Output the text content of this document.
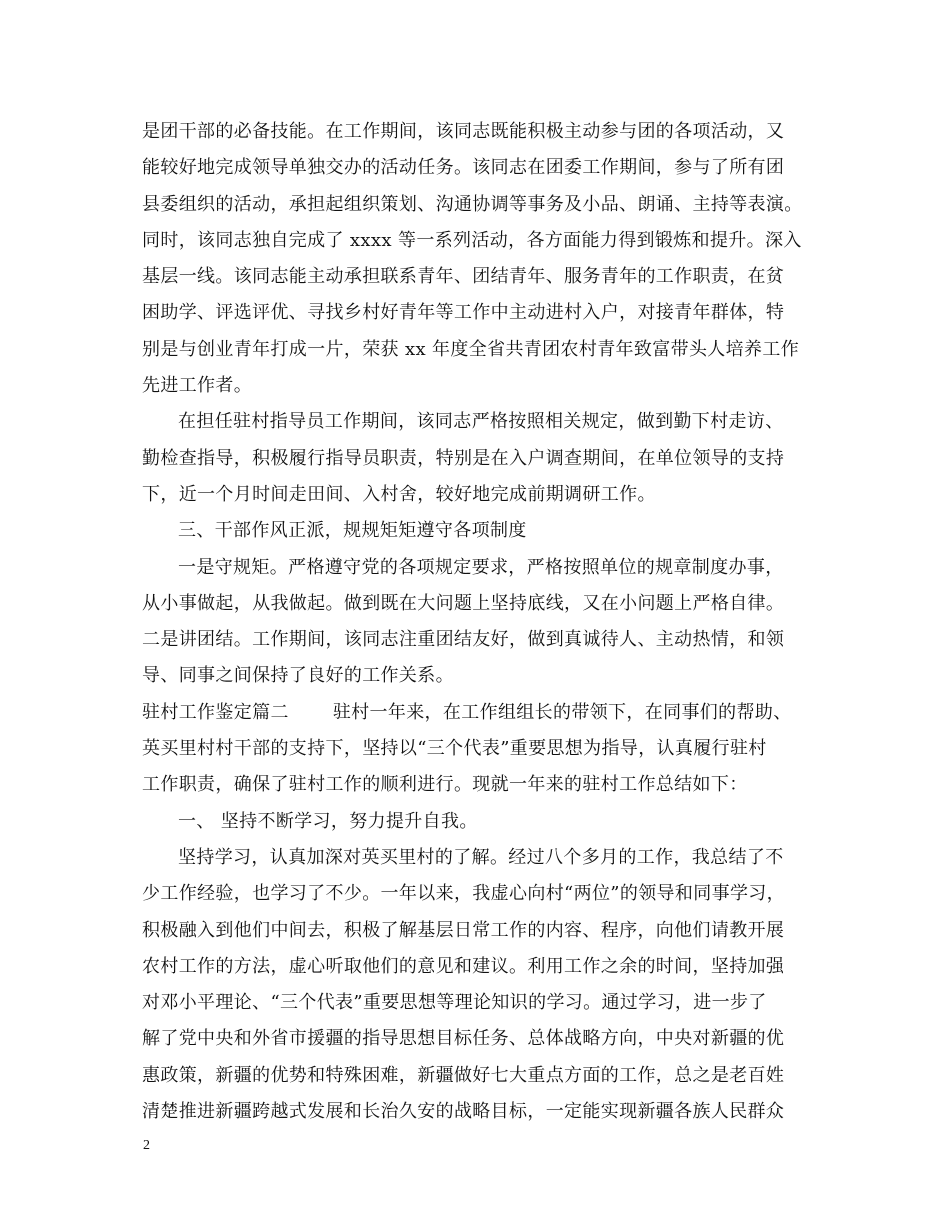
是团干部的必备技能。在工作期间，该同志既能积极主动参与团的各项活动，又
能较好地完成领导单独交办的活动任务。该同志在团委工作期间，参与了所有团
县委组织的活动，承担起组织策划、沟通协调等事务及小品、朗诵、主持等表演。
同时，该同志独自完成了 xxxx 等一系列活动，各方面能力得到锻炼和提升。深入
基层一线。该同志能主动承担联系青年、团结青年、服务青年的工作职责，在贫
困助学、评选评优、寻找乡村好青年等工作中主动进村入户，对接青年群体，特
别是与创业青年打成一片，荣获 xx 年度全省共青团农村青年致富带头人培养工作
先进工作者。
在担任驻村指导员工作期间，该同志严格按照相关规定，做到勤下村走访、
勤检查指导，积极履行指导员职责，特别是在入户调查期间，在单位领导的支持
下，近一个月时间走田间、入村舍，较好地完成前期调研工作。
三、干部作风正派，规规矩矩遵守各项制度
一是守规矩。严格遵守党的各项规定要求，严格按照单位的规章制度办事，
从小事做起，从我做起。做到既在大问题上坚持底线，又在小问题上严格自律。
二是讲团结。工作期间，该同志注重团结友好，做到真诚待人、主动热情，和领
导、同事之间保持了良好的工作关系。
驻村工作鉴定篇二 驻村一年来，在工作组组长的带领下，在同事们的帮助、
英买里村村干部的支持下，坚持以“三个代表”重要思想为指导，认真履行驻村
工作职责，确保了驻村工作的顺利进行。现就一年来的驻村工作总结如下：
一、 坚持不断学习，努力提升自我。
坚持学习，认真加深对英买里村的了解。经过八个多月的工作，我总结了不
少工作经验，也学习了不少。一年以来，我虚心向村“两位”的领导和同事学习，
积极融入到他们中间去，积极了解基层日常工作的内容、程序，向他们请教开展
农村工作的方法，虚心听取他们的意见和建议。利用工作之余的时间，坚持加强
对邓小平理论、“三个代表”重要思想等理论知识的学习。通过学习，进一步了
解了党中央和外省市援疆的指导思想目标任务、总体战略方向，中央对新疆的优
惠政策，新疆的优势和特殊困难，新疆做好七大重点方面的工作，总之是老百姓
清楚推进新疆跨越式发展和长治久安的战略目标，一定能实现新疆各族人民群众
2
